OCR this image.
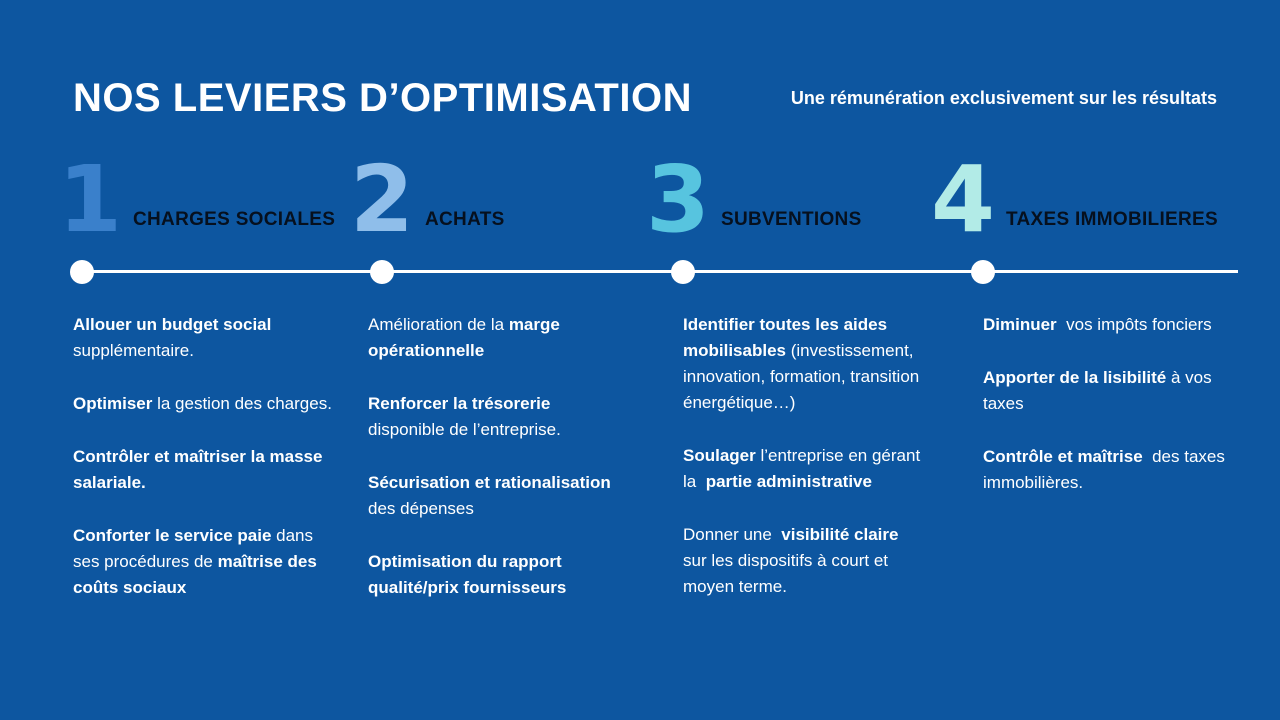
NOS LEVIERS D’OPTIMISATION	Une rémunération exclusivement sur les résultats
1 CHARGES SOCIALES 2 ACHATS 3 SUBVENTIONS 4 TAXES IMMOBILIERES

Allouer un budget social supplémentaire.

Optimiser la gestion des charges.

Contrôler et maîtriser la masse salariale.

Conforter le service paie dans ses procédures de maîtrise des coûts sociaux

Amélioration de la marge opérationnelle

Renforcer la trésorerie disponible de l’entreprise.

Sécurisation et rationalisation  des dépenses

Optimisation du rapport qualité/prix fournisseurs

Identifier toutes les aides mobilisables (investissement, innovation, formation, transition énergétique…)

Soulager l’entreprise en gérant la  partie administrative

Donner une  visibilité claire sur les dispositifs à court et moyen terme.

Diminuer  vos impôts fonciers

Apporter de la lisibilité à vos taxes

Contrôle et maîtrise  des taxes immobilières.
